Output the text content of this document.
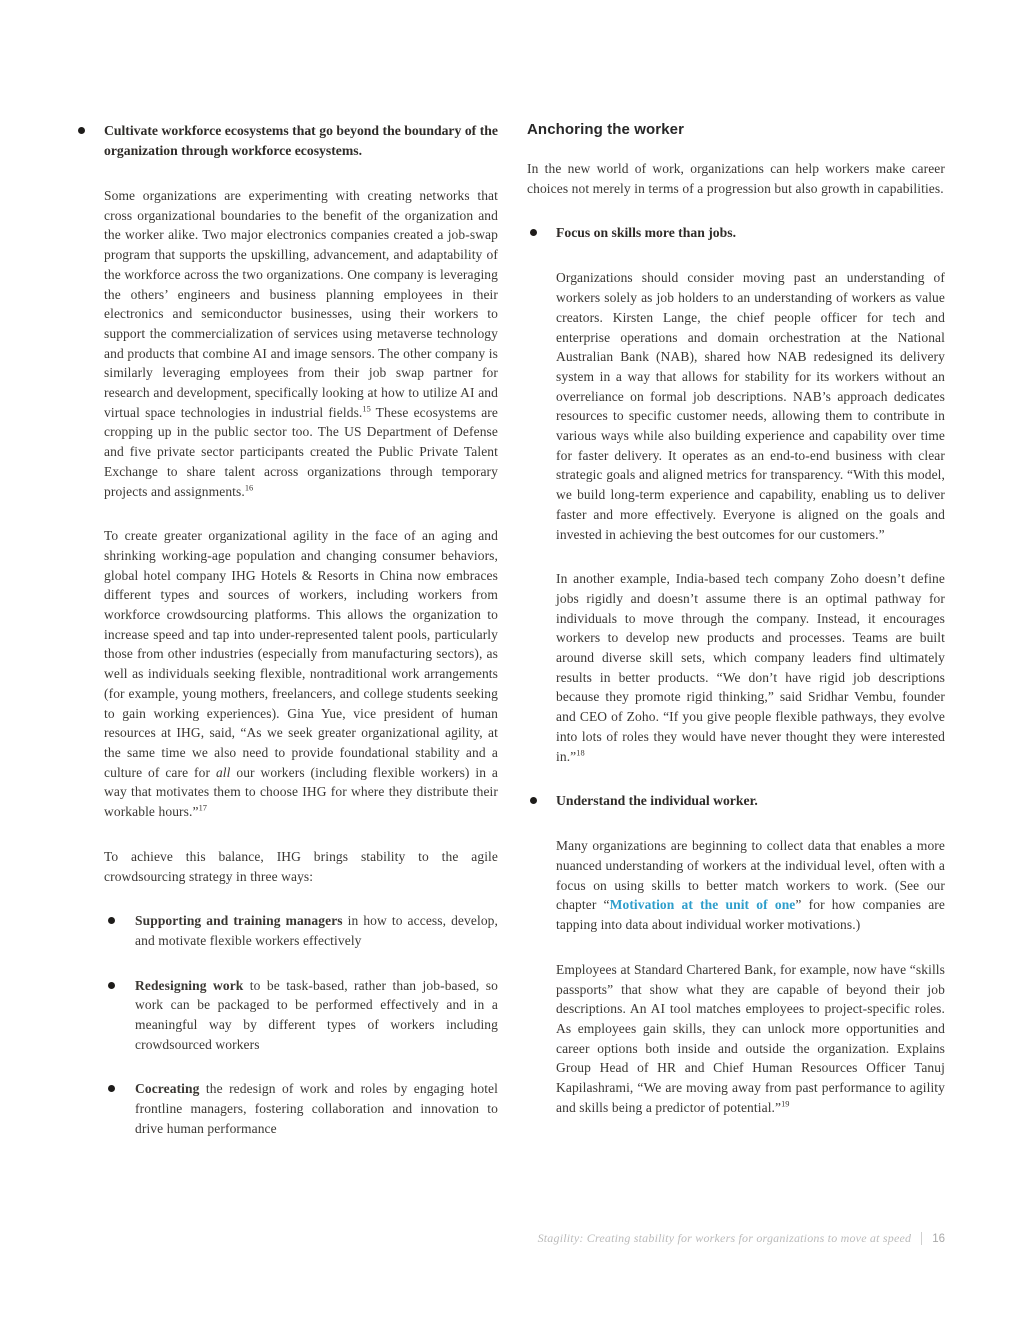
Cultivate workforce ecosystems that go beyond the boundary of the organization through workforce ecosystems.

Some organizations are experimenting with creating networks that cross organizational boundaries to the benefit of the organization and the worker alike. Two major electronics companies created a job-swap program that supports the upskilling, advancement, and adaptability of the workforce across the two organizations. One company is leveraging the others’ engineers and business planning employees in their electronics and semiconductor businesses, using their workers to support the commercialization of services using metaverse technology and products that combine AI and image sensors. The other company is similarly leveraging employees from their job swap partner for research and development, specifically looking at how to utilize AI and virtual space technologies in industrial fields.$^{15}$ These ecosystems are cropping up in the public sector too. The US Department of Defense and five private sector participants created the Public Private Talent Exchange to share talent across organizations through temporary projects and assignments.$^{16}$

To create greater organizational agility in the face of an aging and shrinking working-age population and changing consumer behaviors, global hotel company IHG Hotels & Resorts in China now embraces different types and sources of workers, including workers from workforce crowdsourcing platforms. This allows the organization to increase speed and tap into under-represented talent pools, particularly those from other industries (especially from manufacturing sectors), as well as individuals seeking flexible, nontraditional work arrangements (for example, young mothers, freelancers, and college students seeking to gain working experiences). Gina Yue, vice president of human resources at IHG, said, “As we seek greater organizational agility, at the same time we also need to provide foundational stability and a culture of care for all our workers (including flexible workers) in a way that motivates them to choose IHG for where they distribute their workable hours.”$^{17}$

To achieve this balance, IHG brings stability to the agile crowdsourcing strategy in three ways:

Supporting and training managers in how to access, develop, and motivate flexible workers effectively

Redesigning work to be task-based, rather than job-based, so work can be packaged to be performed effectively and in a meaningful way by different types of workers including crowdsourced workers

Cocreating the redesign of work and roles by engaging hotel frontline managers, fostering collaboration and innovation to drive human performance

Anchoring the worker

In the new world of work, organizations can help workers make career choices not merely in terms of a progression but also growth in capabilities.

Focus on skills more than jobs.

Organizations should consider moving past an understanding of workers solely as job holders to an understanding of workers as value creators. Kirsten Lange, the chief people officer for tech and enterprise operations and domain orchestration at the National Australian Bank (NAB), shared how NAB redesigned its delivery system in a way that allows for stability for its workers without an overreliance on formal job descriptions. NAB’s approach dedicates resources to specific customer needs, allowing them to contribute in various ways while also building experience and capability over time for faster delivery. It operates as an end-to-end business with clear strategic goals and aligned metrics for transparency. “With this model, we build long-term experience and capability, enabling us to deliver faster and more effectively. Everyone is aligned on the goals and invested in achieving the best outcomes for our customers.”

In another example, India-based tech company Zoho doesn’t define jobs rigidly and doesn’t assume there is an optimal pathway for individuals to move through the company. Instead, it encourages workers to develop new products and processes. Teams are built around diverse skill sets, which company leaders find ultimately results in better products. “We don’t have rigid job descriptions because they promote rigid thinking,” said Sridhar Vembu, founder and CEO of Zoho. “If you give people flexible pathways, they evolve into lots of roles they would have never thought they were interested in.”$^{18}$

Understand the individual worker.

Many organizations are beginning to collect data that enables a more nuanced understanding of workers at the individual level, often with a focus on using skills to better match workers to work. (See our chapter “Motivation at the unit of one” for how companies are tapping into data about individual worker motivations.)

Employees at Standard Chartered Bank, for example, now have “skills passports” that show what they are capable of beyond their job descriptions. An AI tool matches employees to project-specific roles. As employees gain skills, they can unlock more opportunities and career options both inside and outside the organization. Explains Group Head of HR and Chief Human Resources Officer Tanuj Kapilashrami, “We are moving away from past performance to agility and skills being a predictor of potential.”$^{19}$

Stagility: Creating stability for workers for organizations to move at speed 16
